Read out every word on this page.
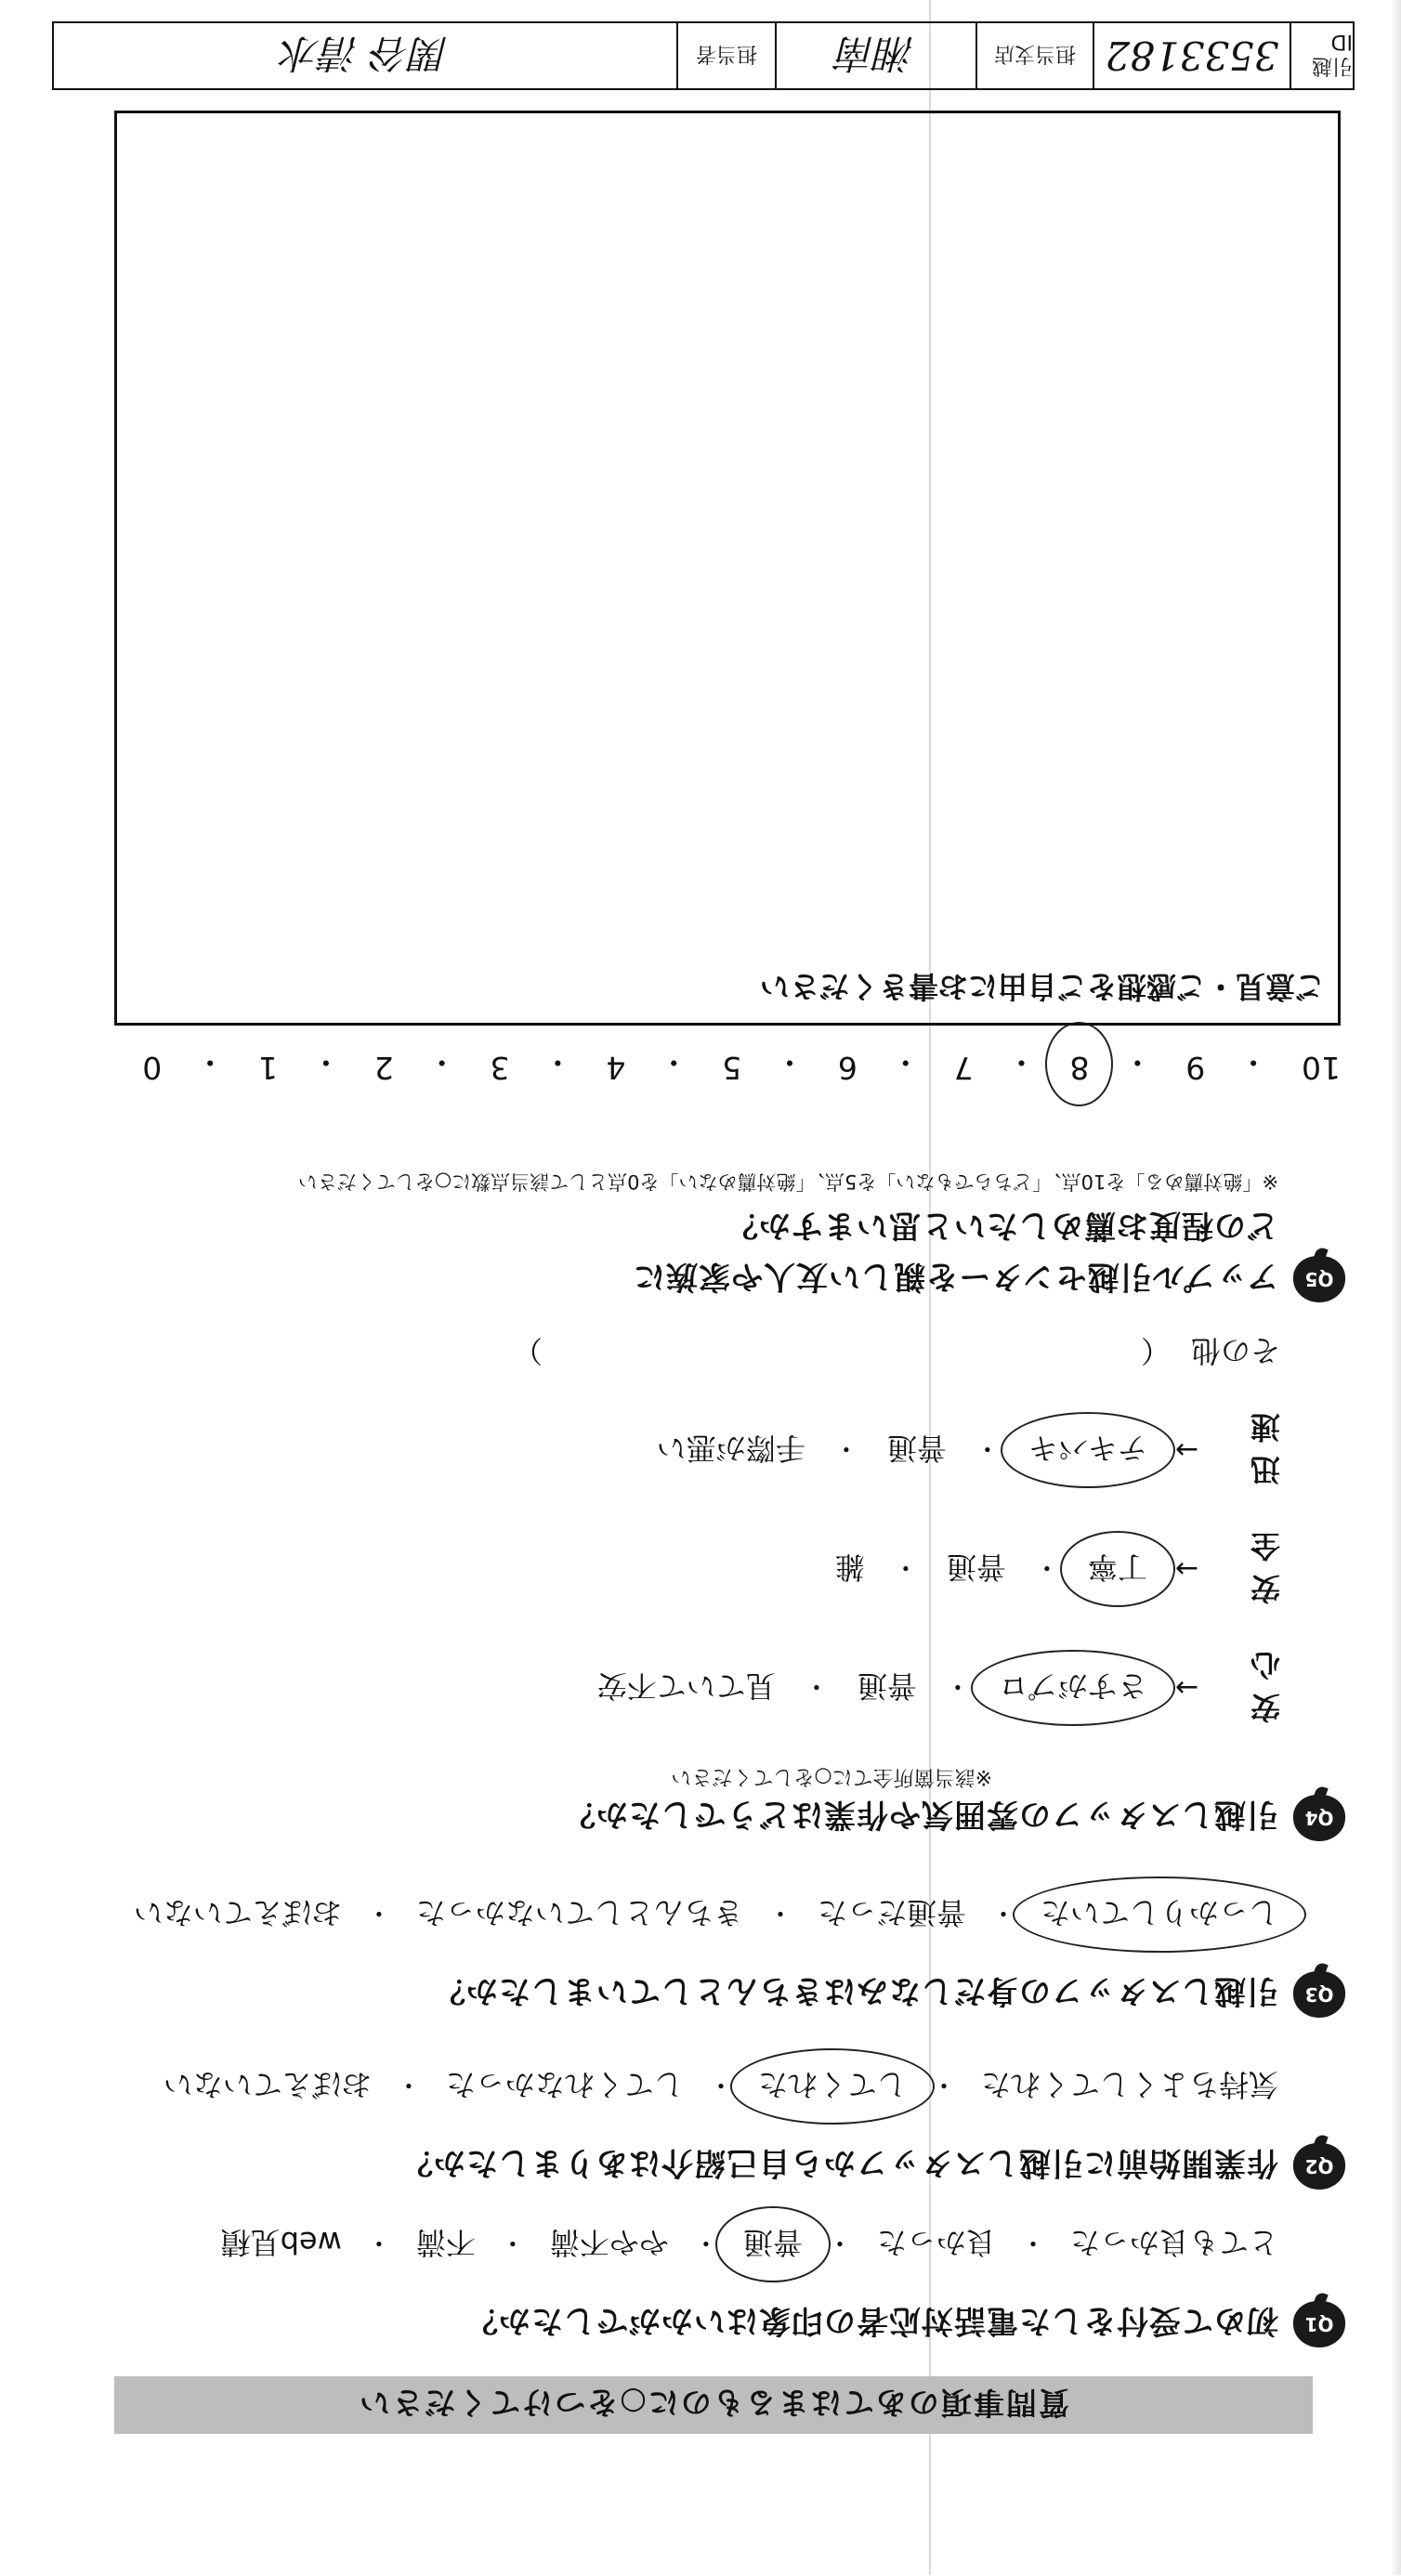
質問事項のあてはまるものに○をつけてください
Q1
初めて受付をした電話対応者の印象はいかがでしたか？
とても良かった
・
良かった
・
普通
・
やや不満
・
不満
・
web見積
Q2
作業開始前に引越しスタッフから自己紹介はありましたか？
気持ちよくしてくれた
・
してくれた
・
してくれなかった
・
おぼえていない
Q3
引越しスタッフの身だしなみはきちんとしていましたか？
しっかりしていた
・
普通だった
・
きちんとしていなかった
・
おぼえていない
Q4
引越しスタッフの雰囲気や作業はどうでしたか？
※該当箇所全てに○をしてください
安心
→
さすがプロ
・
普通
・
見ていて不安
安全
→
丁寧
・
普通
・
雑
迅速
→
テキパキ
・
普通
・
手際が悪い
その他
（
）
Q5
アップル引越センターを親しい友人や家族に
どの程度お薦めしたいと思いますか？
※「絶対薦める」を10点、「どちらでもない」を5点、「絶対薦めない」を0点として該当点数に○をしてください
10
・
9
・
8
・
7
・
6
・
5
・
4
・
3
・
2
・
1
・
0
ご意見・ご感想をご自由にお書きください
引越ID
3533182
担当支店
湘南
担当者
関谷 清水
